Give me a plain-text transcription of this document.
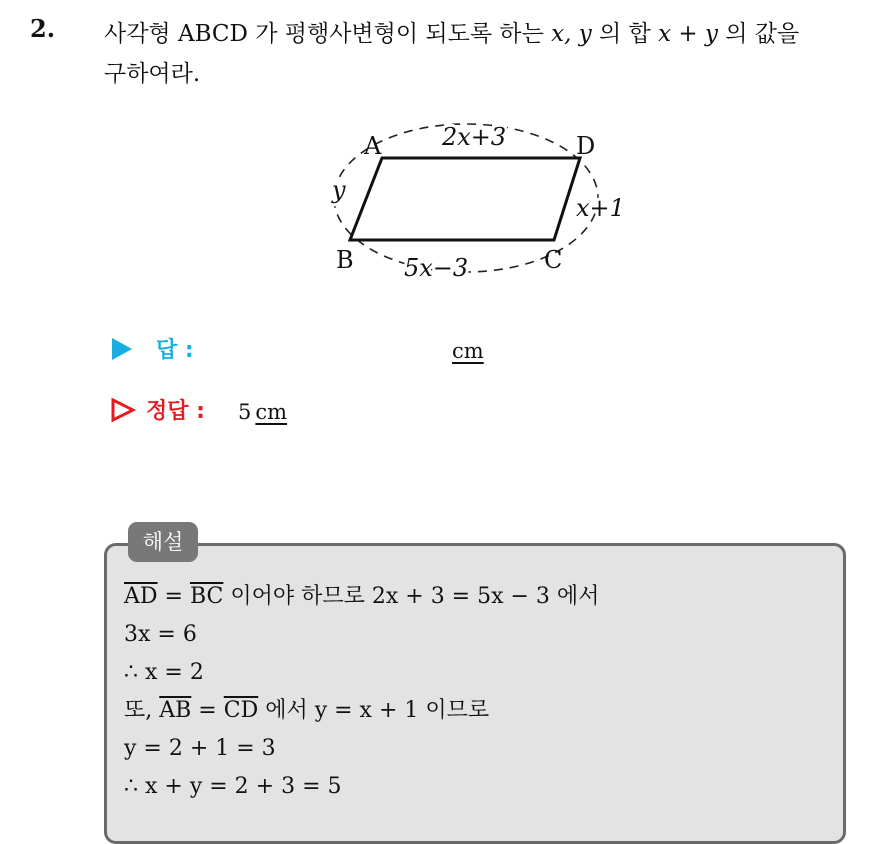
2. 사각형 ABCD 가 평행사변형이 되도록 하는 x, y 의 합 x + y 의 값을
구하여라.
A	D
B	C
2x+3
5x−3
y
x+1
답 :	cm
정답 : 5 cm
해설
$\overline{AD} = \overline{BC}$ 이어야 하므로 2x + 3 = 5x − 3 에서
3x = 6
∴ x = 2
또, $\overline{AB} = \overline{CD}$ 에서 y = x + 1 이므로
y = 2 + 1 = 3
∴ x + y = 2 + 3 = 5
